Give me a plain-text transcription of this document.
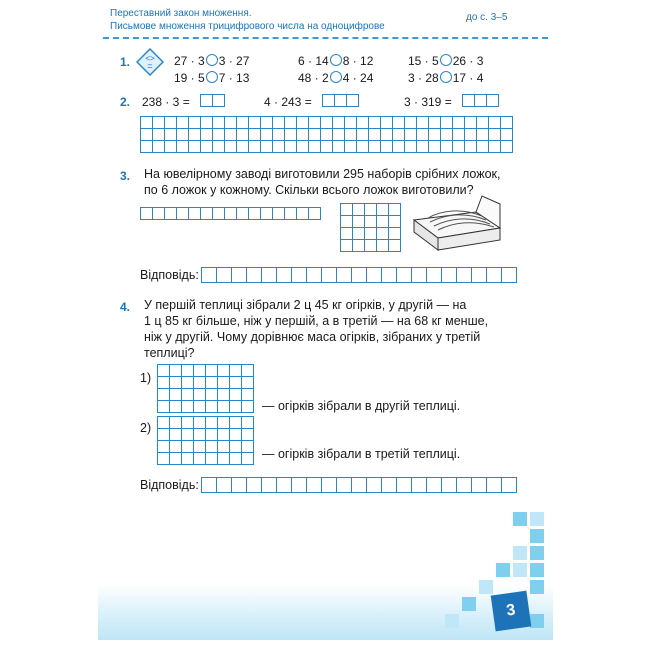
Переставний закон множення.
Письмове множення трицифрового числа на одноцифрове
до с. 3–5
1. <>
= 27 · 3 3 · 27
19 · 5 7 · 13
6 · 14 8 · 12
48 · 2 4 · 24
15 · 5 26 · 3
3 · 28 17 · 4
2. 238 · 3 =	4 · 243 =	3 · 319 =
3. На ювелірному заводі виготовили 295 наборів срібних ложок,
по 6 ложок у кожному. Скільки всього ложок виготовили?
Відповідь:
4. У першій теплиці зібрали 2 ц 45 кг огірків, у другій — на
1 ц 85 кг більше, ніж у першій, а в третій — на 68 кг менше,
ніж у другій. Чому дорівнює маса огірків, зібраних у третій
теплиці?
1)
— огірків зібрали в другій теплиці.
2)
— огірків зібрали в третій теплиці.
Відповідь:
3
